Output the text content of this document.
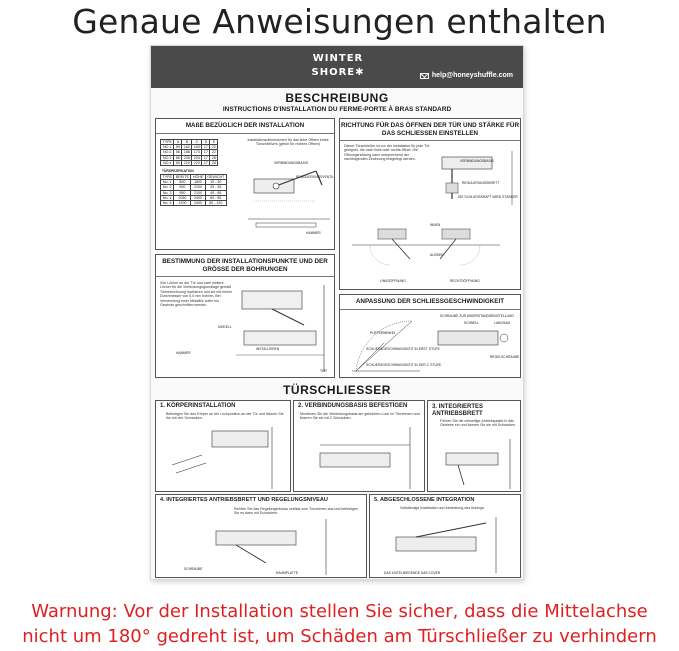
Genaue Anweisungen enthalten
WINTER
SHORE✱	help@honeyshuffle.com
BESCHREIBUNG
INSTRUCTIONS D'INSTALLATION DU FERME-PORTE À BRAS STANDARD
MAßE BEZÜGLICH DER INSTALLATION
Installationsdimensionen für das linke Öffnen eines Türschließers (gleich für rechtes Öffnen)
TYPE	A	B	C	D	E
NO.1	59	162	163	17	22
NO.2	56	188	173	17	22
NO.3	66	208	203	17	28
NO.4	65	220	220	17	28
TÜRSPEZIFIKATION
TYPE	BREITE	HÖHE	GEWICHT
No. 1	800	1800	15 - 30
No. 2	900	2100	25 - 45
No. 3	950	2100	40 - 65
No. 4	1050	2400	60 - 85
No. 5	1200	2400	80 - 120
VERBINDUNGSBASIS
REGULIERUNGSVENTIL
HAMMER
RICHTUNG FÜR DAS ÖFFNEN DER TÜR UND STÄRKE FÜR DAS SCHLIESSEN EINSTELLEN
Dieser Türschließer ist vor der Installation für jede Tür geeignet, die nach links oder rechts öffnet. Die Öffnungsrichtung kann entsprechend der nachfolgenden Zeichnung festgelegt werden.	VERBINDUNGSBASIS
REGULIERUNGSBRETT
DIE SCHLIESSKRAFT WIRD STÄRKER
INNEN
AUSSEN
LINKSÖFFNUNG	RECHTSÖFFNUNG
BESTIMMUNG DER INSTALLATIONSPUNKTE UND DER GRÖSSE DER BOHRUNGEN
Vier Löcher an der Tür und zwei weitere Löcher für die Verbindungsgrundlage gemäß Türbezeichnung markieren und sie mit einem Durchmesser von 5,0 mm bohren. Bei Verwendung einer Metalltür sollte ein Gewinde geschnitten werden.
MODELL
HAMMER
INSTALLIEREN
TÜR
ANPASSUNG DER SCHLIESSGESCHWINDIGKEIT
SCHRAUBE ZUR WIDERSTANDSEINSTELLUNG
SCHNELL	LANGSAM
PUFFERWINKEL
SCHLIESSGESCHWINDIGKEIT IN ERST. STUFE
SCHLIESSGESCHWINDIGKEIT IN DER 2. STUFE
REGELSCHRAUBE
TÜRSCHLIESSER
1. KÖRPERINSTALLATION
Befestigen Sie den Körper an der Lochposition an der Tür und fixieren Sie ihn mit vier Schrauben.
2. VERBINDUNGSBASIS BEFESTIGEN
Montieren Sie die Verbindungsbasis am gebohrten Loch im Türrahmen und fixieren Sie sie mit 2 Schrauben.
3. INTEGRIERTES ANTRIEBSBRETT
Führen Sie die vierseitige Antriebsplatte in das Getriebe ein und fixieren Sie sie mit Schrauben.
4. INTEGRIERTES ANTRIEBSBRETT UND REGELUNGSNIVEAU
Richten Sie das Regelungsniveau vertikal zum Türrahmen aus und befestigen Sie es dann mit Schrauben.
SCHRAUBE
RAHMPLATTE
5. ABGESCHLOSSENE INTEGRATION
Vollständige Installation und Abdeckung des Aufzugs.
DAS LINTELBIEGENDE DAS COVER
Warnung: Vor der Installation stellen Sie sicher, dass die Mittelachse
nicht um 180° gedreht ist, um Schäden am Türschließer zu verhindern
